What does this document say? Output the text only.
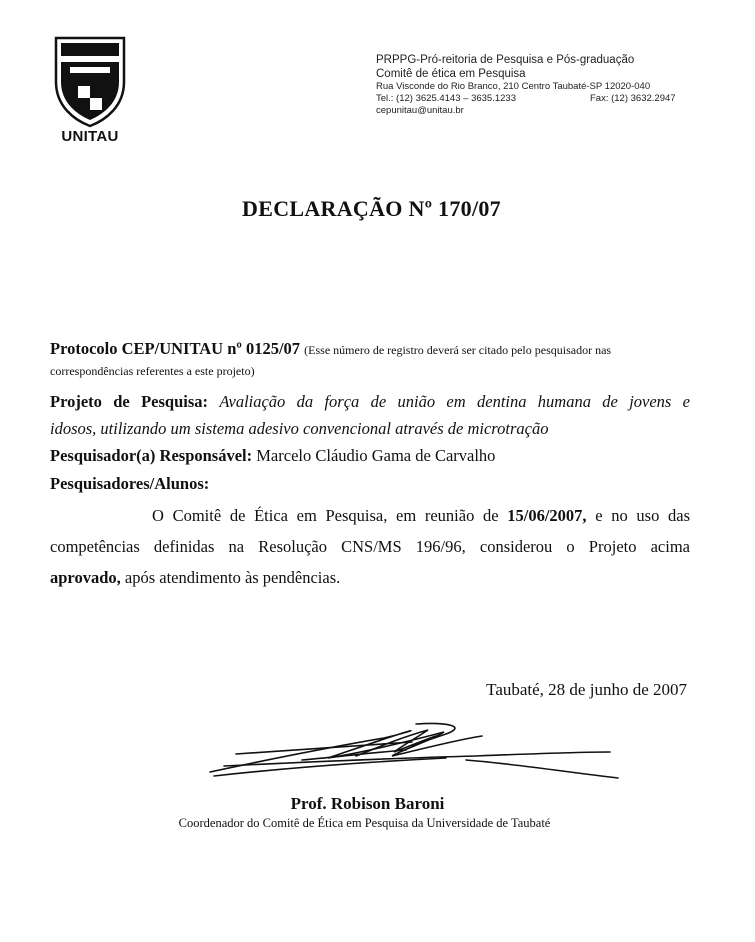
UNITAU
PRPPG-Pró-reitoria de Pesquisa e Pós-graduação
Comitê de ética em Pesquisa
Rua Visconde do Rio Branco, 210 Centro Taubaté-SP 12020-040
Tel.: (12) 3625.4143 – 3635.1233	Fax: (12) 3632.2947
cepunitau@unitau.br
DECLARAÇÃO Nº 170/07
Protocolo CEP/UNITAU nº 0125/07 (Esse número de registro deverá ser citado pelo pesquisador nas
correspondências referentes a este projeto)
Projeto de Pesquisa: Avaliação da força de união em dentina humana de jovens e
idosos, utilizando um sistema adesivo convencional através de microtração
Pesquisador(a) Responsável: Marcelo Cláudio Gama de Carvalho
Pesquisadores/Alunos:
O Comitê de Ética em Pesquisa, em reunião de 15/06/2007, e no uso das
competências definidas na Resolução CNS/MS 196/96, considerou o Projeto acima
aprovado, após atendimento às pendências.
Taubaté, 28 de junho de 2007
Prof. Robison Baroni
Coordenador do Comitê de Ética em Pesquisa da Universidade de Taubaté
